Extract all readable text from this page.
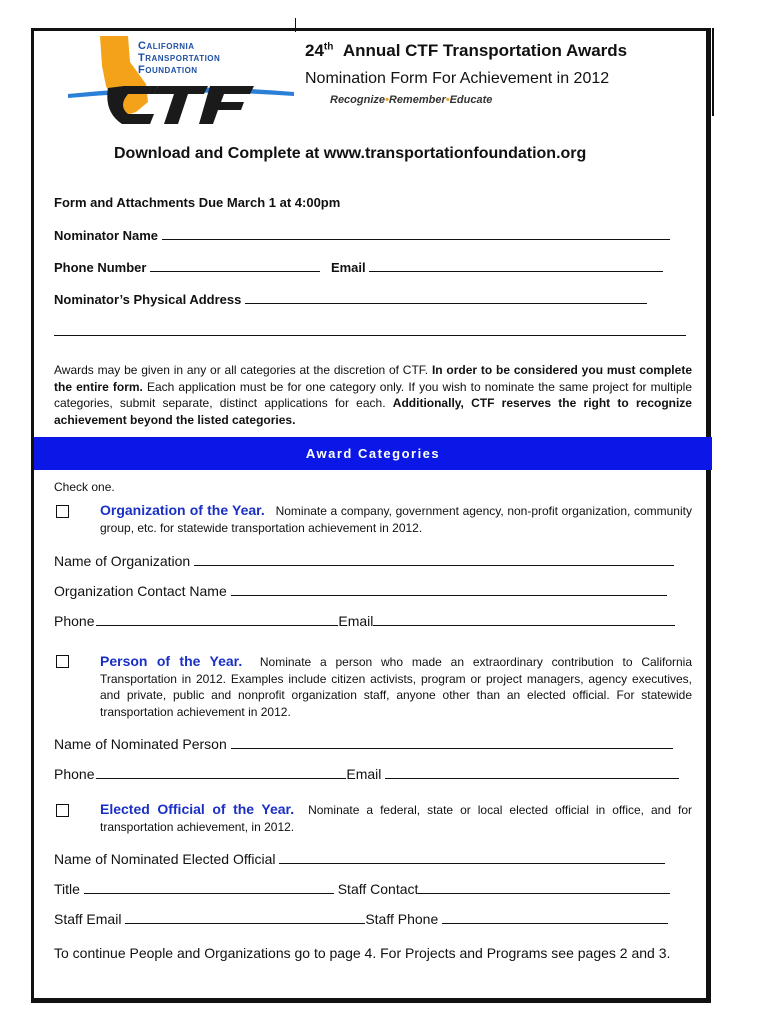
California
Transportation
Foundation
24th Annual CTF Transportation Awards
Nomination Form For Achievement in 2012
Recognize•Remember•Educate
Download and Complete at www.transportationfoundation.org
Form and Attachments Due March 1 at 4:00pm
Nominator Name
Phone Number	Email
Nominator’s Physical Address
Awards may be given in any or all categories at the discretion of CTF. In order to be considered you must complete the entire form. Each application must be for one category only. If you wish to nominate the same project for multiple categories, submit separate, distinct applications for each. Additionally, CTF reserves the right to recognize achievement beyond the listed categories.
Award Categories
Check one.
Organization of the Year. Nominate a company, government agency, non-profit organization, community group, etc. for statewide transportation achievement in 2012.
Name of Organization
Organization Contact Name
Phone	Email
Person of the Year. Nominate a person who made an extraordinary contribution to California Transportation in 2012. Examples include citizen activists, program or project managers, agency executives, and private, public and nonprofit organization staff, anyone other than an elected official. For statewide transportation achievement in 2012.
Name of Nominated Person
Phone	Email
Elected Official of the Year. Nominate a federal, state or local elected official in office, and for transportation achievement, in 2012.
Name of Nominated Elected Official
Title	Staff Contact
Staff Email	Staff Phone
To continue People and Organizations go to page 4. For Projects and Programs see pages 2 and 3.
